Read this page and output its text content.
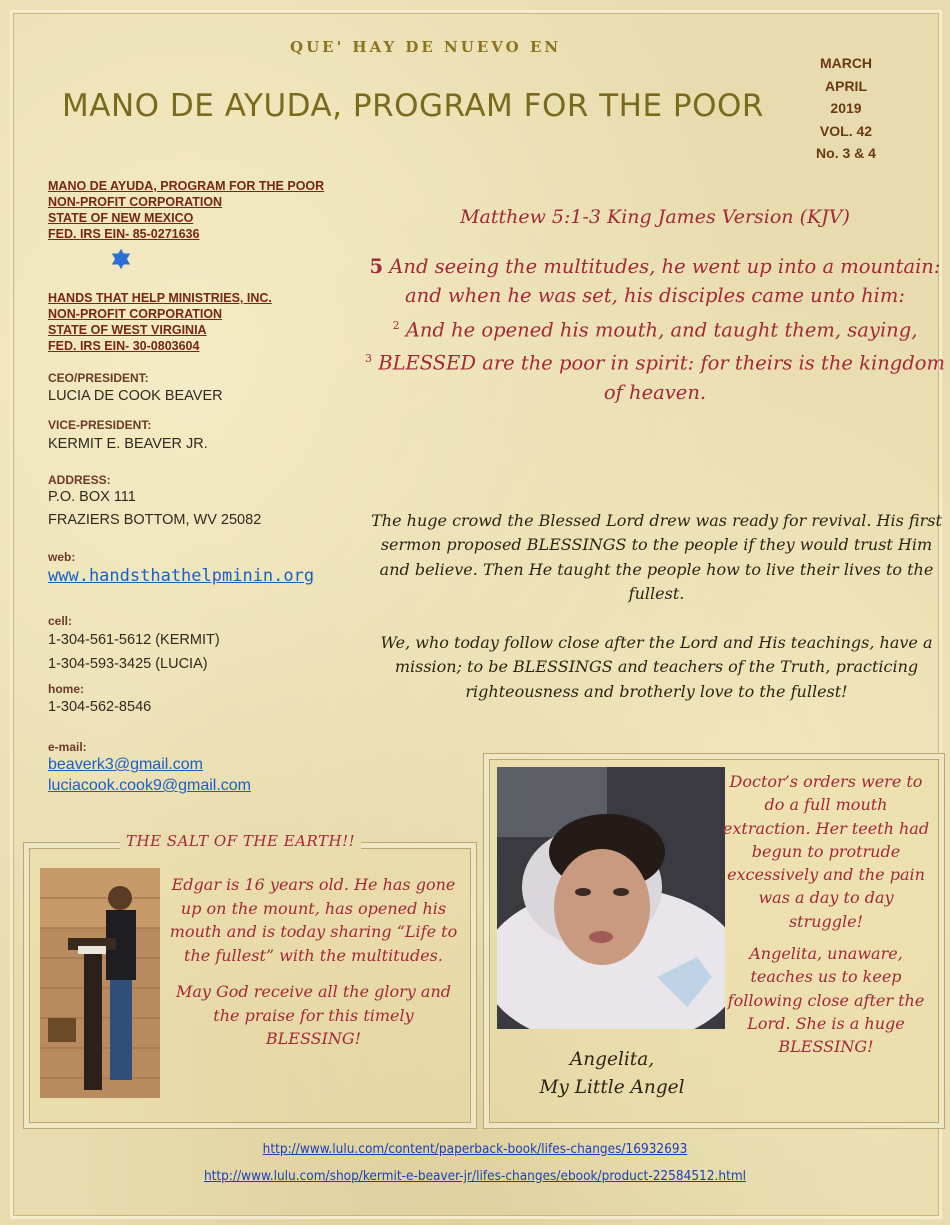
QUE' HAY DE NUEVO EN
MANO DE AYUDA, PROGRAM FOR THE POOR
MARCH
APRIL
2019
VOL. 42
No. 3 & 4
MANO DE AYUDA, PROGRAM FOR THE POOR
NON-PROFIT CORPORATION
STATE OF NEW MEXICO
FED. IRS EIN- 85-0271636
HANDS THAT HELP MINISTRIES, INC.
NON-PROFIT CORPORATION
STATE OF WEST VIRGINIA
FED. IRS EIN- 30-0803604
CEO/PRESIDENT:
LUCIA DE COOK BEAVER
VICE-PRESIDENT:
KERMIT E. BEAVER JR.
ADDRESS:
P.O. BOX 111
FRAZIERS BOTTOM, WV 25082
web:
www.handsthathelpminin.org
cell:
1-304-561-5612 (KERMIT)
1-304-593-3425 (LUCIA)
home:
1-304-562-8546
e-mail:
beaverk3@gmail.com
luciacook.cook9@gmail.com
Matthew 5:1-3 King James Version (KJV)
5 And seeing the multitudes, he went up into a mountain: and when he was set, his disciples came unto him:
$^2$ And he opened his mouth, and taught them, saying,
$^3$ BLESSED are the poor in spirit: for theirs is the kingdom of heaven.
The huge crowd the Blessed Lord drew was ready for revival. His first sermon proposed BLESSINGS to the people if they would trust Him and believe. Then He taught the people how to live their lives to the fullest.
We, who today follow close after the Lord and His teachings, have a mission; to be BLESSINGS and teachers of the Truth, practicing righteousness and brotherly love to the fullest!
THE SALT OF THE EARTH!!

Edgar is 16 years old. He has gone up on the mount, has opened his mouth and is today sharing “Life to the fullest” with the multitudes.

May God receive all the glory and the praise for this timely BLESSING!

Angelita,
My Little Angel

Doctor’s orders were to do a full mouth extraction. Her teeth had begun to protrude excessively and the pain was a day to day struggle!

Angelita, unaware, teaches us to keep following close after the Lord. She is a huge BLESSING!

http://www.lulu.com/content/paperback-book/lifes-changes/16932693
http://www.lulu.com/shop/kermit-e-beaver-jr/lifes-changes/ebook/product-22584512.html
